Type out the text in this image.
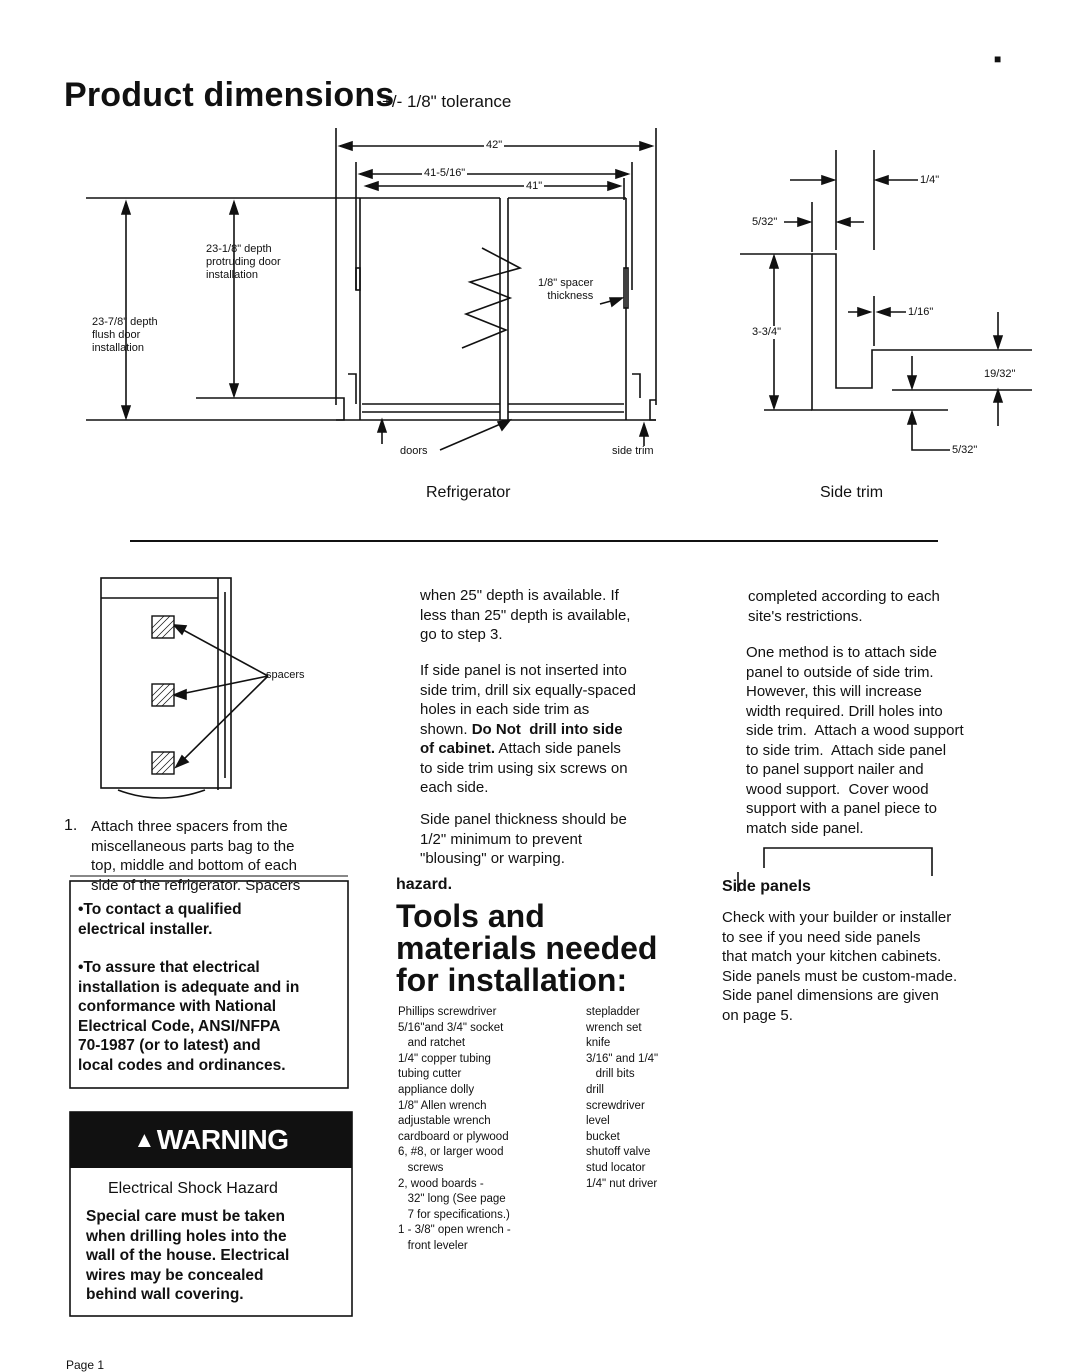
■
Product dimensions
+/- 1/8" tolerance
42"
41-5/16"
41"
23-1/8" depth
protruding door
installation
23-7/8" depth
flush door
installation
1/8" spacer
thickness
doors	side trim
Refrigerator
1/4"
5/32"
1/16"
3-3/4"
19/32"
5/32"
Side trim
spacers
1. Attach three spacers from the
miscellaneous parts bag to the
top, middle and bottom of each
side of the refrigerator. Spacers
•To contact a qualified
electrical installer.
•To assure that electrical
installation is adequate and in
conformance with National
Electrical Code, ANSI/NFPA
70-1987 (or to latest) and
local codes and ordinances.
▲ WARNING
Electrical Shock Hazard
Special care must be taken
when drilling holes into the
wall of the house. Electrical
wires may be concealed
behind wall covering.
when 25" depth is available. If
less than 25" depth is available,
go to step 3.
If side panel is not inserted into
side trim, drill six equally-spaced
holes in each side trim as
shown. Do Not  drill into side
of cabinet. Attach side panels
to side trim using six screws on
each side.
Side panel thickness should be
1/2" minimum to prevent
"blousing" or warping.
hazard.
Tools and
materials needed
for installation:
Phillips screwdriver
5/16"and 3/4" socket
and ratchet
1/4" copper tubing
tubing cutter
appliance dolly
1/8" Allen wrench
adjustable wrench
cardboard or plywood
6, #8, or larger wood
screws
2, wood boards -
32" long (See page
7 for specifications.)
1 - 3/8" open wrench -
front leveler
stepladder
wrench set
knife
3/16" and 1/4"
drill bits
drill
screwdriver
level
bucket
shutoff valve
stud locator
1/4" nut driver
completed according to each
site's restrictions.
One method is to attach side
panel to outside of side trim.
However, this will increase
width required. Drill holes into
side trim.  Attach a wood support
to side trim.  Attach side panel
to panel support nailer and
wood support.  Cover wood
support with a panel piece to
match side panel.
Side panels
Check with your builder or installer
to see if you need side panels
that match your kitchen cabinets.
Side panels must be custom-made.
Side panel dimensions are given
on page 5.
Page 1
